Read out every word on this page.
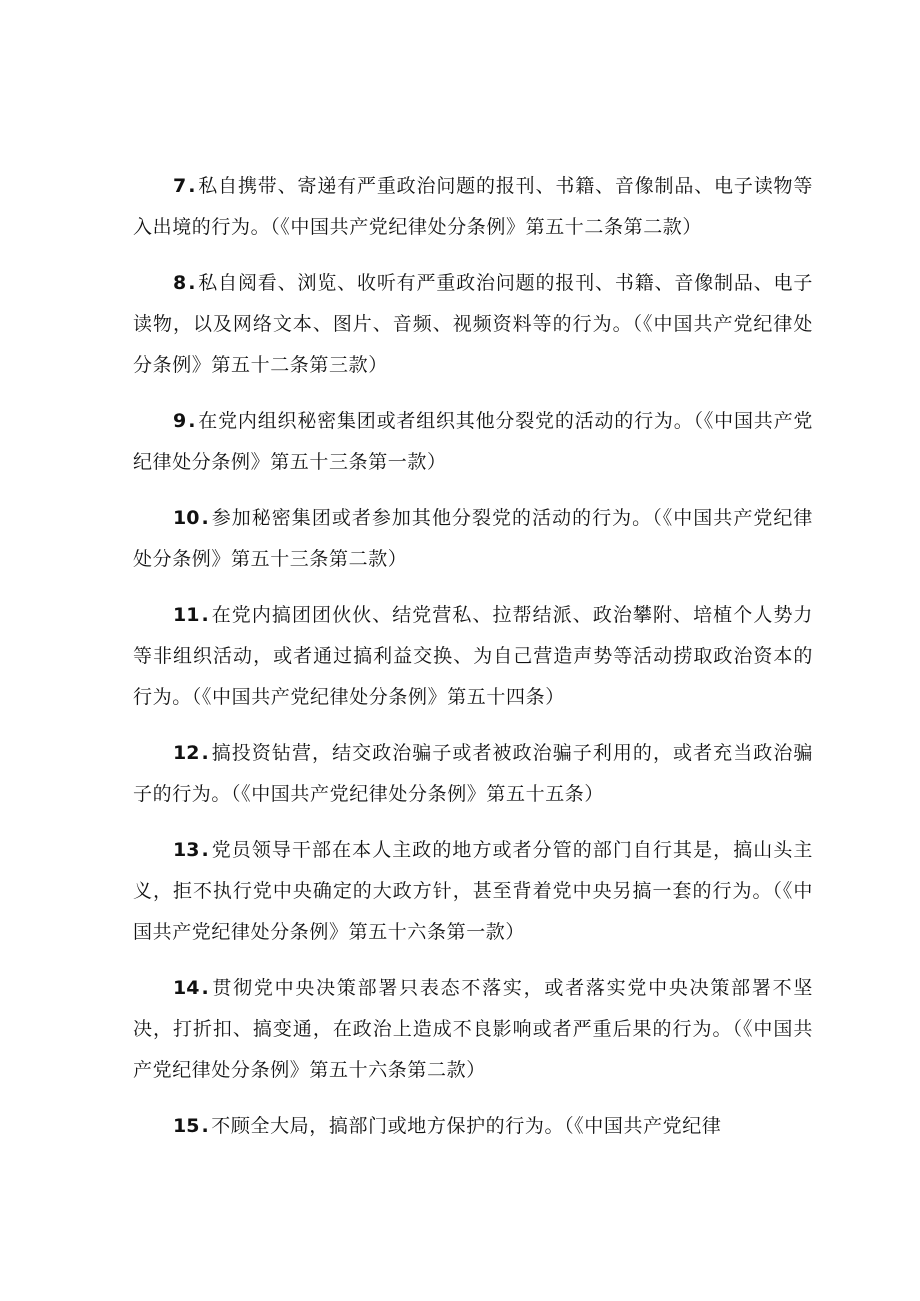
7 . 私自携带、寄递有严重政治问题的报刊、书籍、音像制品、电子读物等入出境的行为。（《中国共产党纪律处分条例》第五十二条第二款）

8 . 私自阅看、浏览、收听有严重政治问题的报刊、书籍、音像制品、电子读物，以及网络文本、图片、音频、视频资料等的行为。（《中国共产党纪律处分条例》第五十二条第三款）

9 . 在党内组织秘密集团或者组织其他分裂党的活动的行为。（《中国共产党纪律处分条例》第五十三条第一款）

10 . 参加秘密集团或者参加其他分裂党的活动的行为。（《中国共产党纪律处分条例》第五十三条第二款）

11 . 在党内搞团团伙伙、结党营私、拉帮结派、政治攀附、培植个人势力等非组织活动，或者通过搞利益交换、为自己营造声势等活动捞取政治资本的行为。（《中国共产党纪律处分条例》第五十四条）

12 . 搞投资钻营，结交政治骗子或者被政治骗子利用的，或者充当政治骗子的行为。（《中国共产党纪律处分条例》第五十五条）

13 . 党员领导干部在本人主政的地方或者分管的部门自行其是，搞山头主义，拒不执行党中央确定的大政方针，甚至背着党中央另搞一套的行为。（《中国共产党纪律处分条例》第五十六条第一款）

14 . 贯彻党中央决策部署只表态不落实，或者落实党中央决策部署不坚决，打折扣、搞变通，在政治上造成不良影响或者严重后果的行为。（《中国共产党纪律处分条例》第五十六条第二款）

15 . 不顾全大局，搞部门或地方保护的行为。（《中国共产党纪律
